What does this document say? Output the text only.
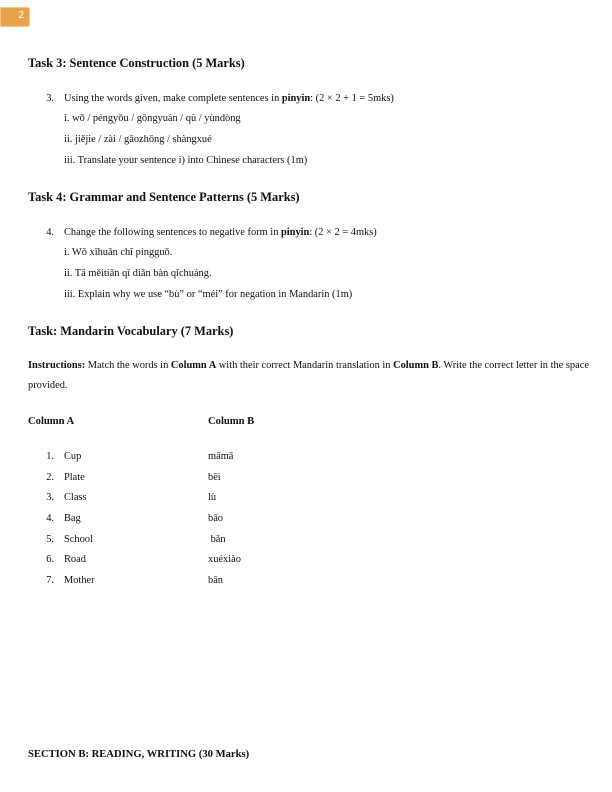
2
Task 3: Sentence Construction (5 Marks)
3. Using the words given, make complete sentences in pinyin: (2 × 2 + 1 = 5mks)
i. wǒ / péngyǒu / gōngyuán / qù / yùndòng
ii. jiějie / zài / gāozhōng / shàngxué
iii. Translate your sentence i) into Chinese characters (1m)
Task 4: Grammar and Sentence Patterns (5 Marks)
4. Change the following sentences to negative form in pinyin: (2 × 2 = 4mks)
i. Wǒ xǐhuān chī píngguǒ.
ii. Tā měitiān qǐ diǎn bàn qǐchuáng.
iii. Explain why we use “bù” or “méi” for negation in Mandarin (1m)
Task: Mandarin Vocabulary (7 Marks)
Instructions: Match the words in Column A with their correct Mandarin translation in Column B. Write the correct letter in the space provided.
Column A	Column B
1. Cup	māmā
2. Plate	bēi
3. Class	lù
4. Bag	bāo
5. School	bǎn
6. Road	xuéxiào
7. Mother	bān
SECTION B: READING, WRITING (30 Marks)
